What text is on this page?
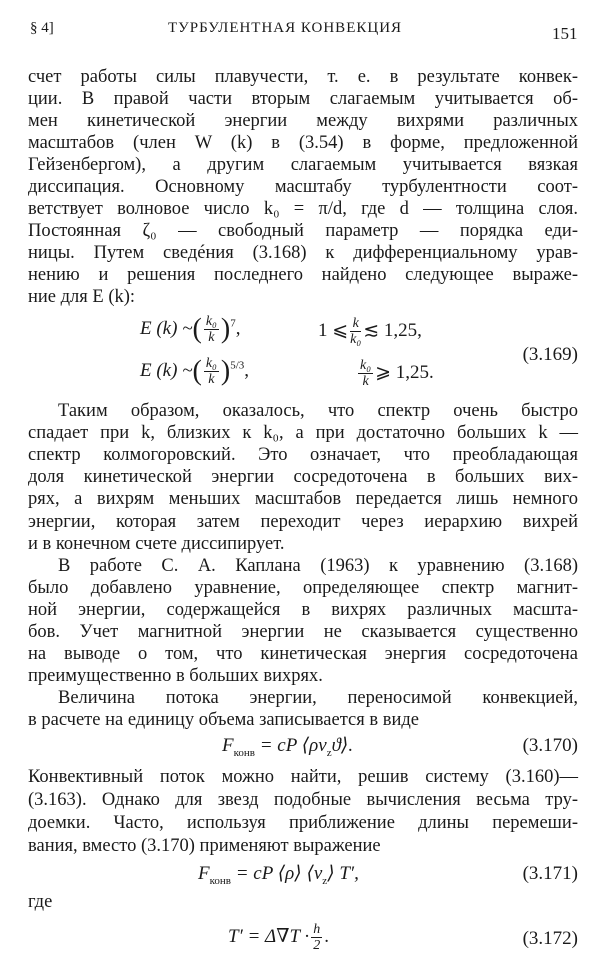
§ 4]	ТУРБУЛЕНТНАЯ КОНВЕКЦИЯ	151
счет работы силы плавучести, т. е. в результате конвек-
ции. В правой части вторым слагаемым учитывается об-
мен кинетической энергии между вихрями различных
масштабов (член W (k) в (3.54) в форме, предложенной
Гейзенбергом), а другим слагаемым учитывается вязкая
диссипация. Основному масштабу турбулентности соот-
ветствует волновое число k₀ = π/d, где d — толщина слоя.
Постоянная ζ₀ — свободный параметр — порядка еди-
ницы. Путем сведéния (3.168) к дифференциальному урав-
нению и решения последнего найдено следующее выраже-
ние для E (k):
Таким образом, оказалось, что спектр очень быстро
спадает при k, близких к k₀, а при достаточно больших k —
спектр колмогоровский. Это означает, что преобладающая
доля кинетической энергии сосредоточена в больших вих-
рях, а вихрям меньших масштабов передается лишь немного
энергии, которая затем переходит через иерархию вихрей
и в конечном счете диссипирует.
В работе С. А. Каплана (1963) к уравнению (3.168)
было добавлено уравнение, определяющее спектр магнит-
ной энергии, содержащейся в вихрях различных масшта-
бов. Учет магнитной энергии не сказывается существенно
на выводе о том, что кинетическая энергия сосредоточена
преимущественно в больших вихрях.
Величина потока энергии, переносимой конвекцией,
в расчете на единицу объема записывается в виде
Конвективный поток можно найти, решив систему (3.160)—
(3.163). Однако для звезд подобные вычисления весьма тру-
доемки. Часто, используя приближение длины перемеши-
вания, вместо (3.170) применяют выражение
E (k) ~( $\frac{\text{k₀}}{k} )^7$,	1 ⩽ $\frac{k}{\text{k₀}}$ ≲ 1,25,
E (k) ~( $\frac{\text{k₀}}{k} )^{5/3}$,	$\frac{\text{k₀}}{k}$ ⩾ 1,25.
(3.169)
$F_{конв}$ = cP $⟨\rho v_zϑ⟩$.	(3.170)
$F_{конв}$ = cP ⟨ρ⟩ $⟨v_z⟩$ T′,	(3.171)
где
$T' = \Delta\nabla T \cdot \frac{h}{2}$ .	(3.172)
